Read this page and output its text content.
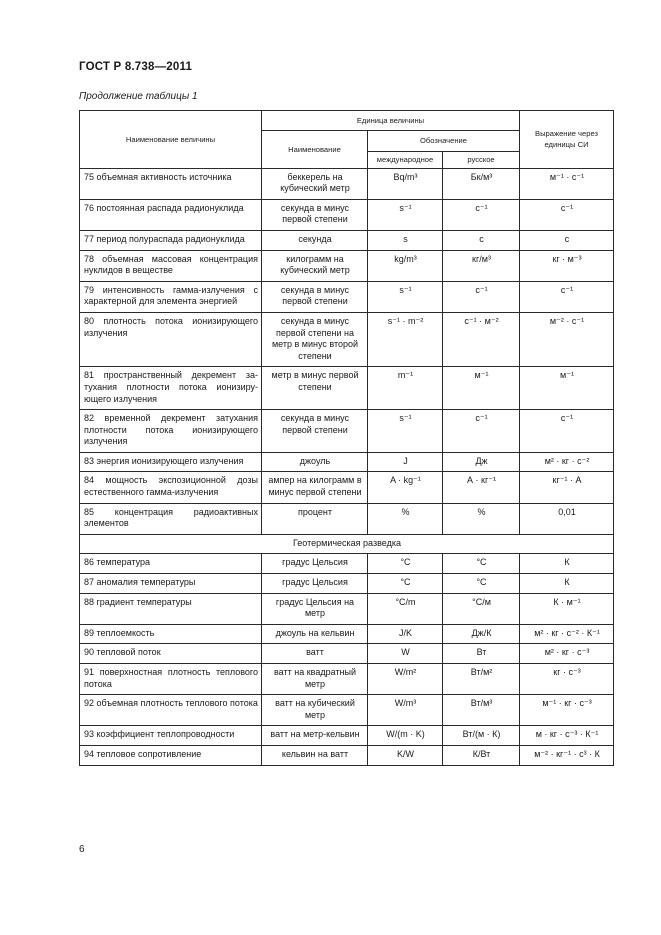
ГОСТ Р 8.738—2011
Продолжение таблицы 1
Наименование величины	Единица величины			Выражение через единицы СИ
	Наименование	Обозначение		
		международное	русское	
75 объемная активность источника	беккерель на кубический метр	Bq/m³	Бк/м³	м⁻¹ · с⁻¹
76 постоянная распада радионуклида	секунда в минус первой степени	s⁻¹	с⁻¹	с⁻¹
77 период полураспада радионуклида	секунда	s	с	с
78 объемная массовая концентрация нуклидов в веществе	килограмм на кубический метр	kg/m³	кг/м³	кг · м⁻³
79 интенсивность гамма-излучения с характерной для элемента энергией	секунда в минус первой степени	s⁻¹	с⁻¹	с⁻¹
80 плотность потока ионизирующего излучения	секунда в минус первой степени на метр в минус второй степени	s⁻¹ · m⁻²	с⁻¹ · м⁻²	м⁻² · с⁻¹
81 пространственный декремент затухания плотности потока ионизирующего излучения	метр в минус первой степени	m⁻¹	м⁻¹	м⁻¹
82 временной декремент затухания плотности потока ионизирующего излучения	секунда в минус первой степени	s⁻¹	с⁻¹	с⁻¹
83 энергия ионизирующего излучения	джоуль	J	Дж	м² · кг · с⁻²
84 мощность экспозиционной дозы естественного гамма-излучения	ампер на килограмм в минус первой степени	A · kg⁻¹	А · кг⁻¹	кг⁻¹ · А
85 концентрация радиоактивных элементов	процент	%	%	0,01
Геотермическая разведка				
86 температура	градус Цельсия	°С	°С	К
87 аномалия температуры	градус Цельсия	°С	°С	К
88 градиент температуры	градус Цельсия на метр	°С/m	°С/м	К · м⁻¹
89 теплоемкость	джоуль на кельвин	J/K	Дж/К	м² · кг · с⁻² · К⁻¹
90 тепловой поток	ватт	W	Вт	м² · кг · с⁻³
91 поверхностная плотность теплового потока	ватт на квадратный метр	W/m²	Вт/м²	кг · с⁻³
92 объемная плотность теплового потока	ватт на кубический метр	W/m³	Вт/м³	м⁻¹ · кг · с⁻³
93 коэффициент теплопроводности	ватт на метр-кельвин	W/(m · K)	Вт/(м · К)	м · кг · с⁻³ · К⁻¹
94 тепловое сопротивление	кельвин на ватт	K/W	К/Вт	м⁻² · кг⁻¹ · с³ · К
6
